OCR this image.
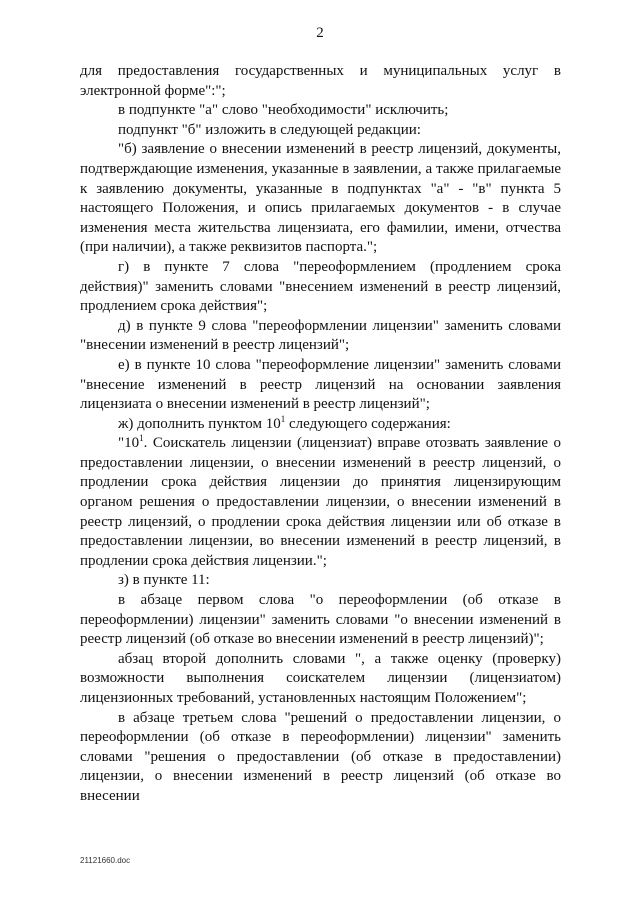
2

для предоставления государственных и муниципальных услуг в электронной форме":";

в подпункте "а" слово "необходимости" исключить;

подпункт "б" изложить в следующей редакции:

"б) заявление о внесении изменений в реестр лицензий, документы, подтверждающие изменения, указанные в заявлении, а также прилагаемые к заявлению документы, указанные в подпунктах "а" - "в" пункта 5 настоящего Положения, и опись прилагаемых документов - в случае изменения места жительства лицензиата, его фамилии, имени, отчества (при наличии), а также реквизитов паспорта.";

г) в пункте 7 слова "переоформлением (продлением срока действия)" заменить словами "внесением изменений в реестр лицензий, продлением срока действия";

д) в пункте 9 слова "переоформлении лицензии" заменить словами "внесении изменений в реестр лицензий";

е) в пункте 10 слова "переоформление лицензии" заменить словами "внесение изменений в реестр лицензий на основании заявления лицензиата о внесении изменений в реестр лицензий";

ж) дополнить пунктом $10^1$ следующего содержания:

"$10^1$. Соискатель лицензии (лицензиат) вправе отозвать заявление о предоставлении лицензии, о внесении изменений в реестр лицензий, о продлении срока действия лицензии до принятия лицензирующим органом решения о предоставлении лицензии, о внесении изменений в реестр лицензий, о продлении срока действия лицензии или об отказе в предоставлении лицензии, во внесении изменений в реестр лицензий, в продлении срока действия лицензии.";

з) в пункте 11:

в абзаце первом слова "о переоформлении (об отказе в переоформлении) лицензии" заменить словами "о внесении изменений в реестр лицензий (об отказе во внесении изменений в реестр лицензий)";

абзац второй дополнить словами ", а также оценку (проверку) возможности выполнения соискателем лицензии (лицензиатом) лицензионных требований, установленных настоящим Положением";

в абзаце третьем слова "решений о предоставлении лицензии, о переоформлении (об отказе в переоформлении) лицензии" заменить словами "решения о предоставлении (об отказе в предоставлении) лицензии, о внесении изменений в реестр лицензий (об отказе во внесении

21121660.doc
